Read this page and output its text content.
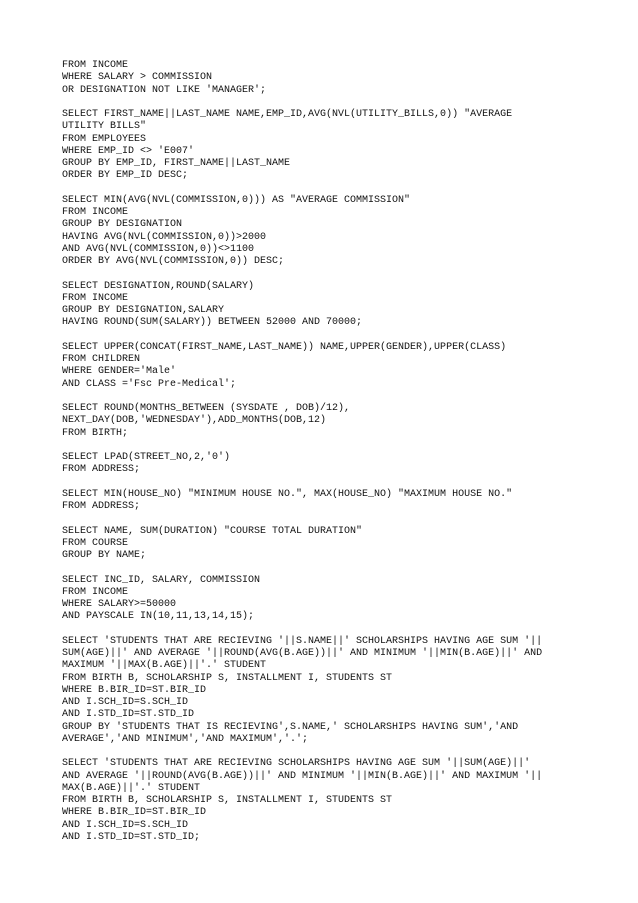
FROM INCOME
WHERE SALARY > COMMISSION
OR DESIGNATION NOT LIKE 'MANAGER';
SELECT FIRST_NAME||LAST_NAME NAME,EMP_ID,AVG(NVL(UTILITY_BILLS,0)) "AVERAGE
UTILITY BILLS"
FROM EMPLOYEES
WHERE EMP_ID <> 'E007'
GROUP BY EMP_ID, FIRST_NAME||LAST_NAME
ORDER BY EMP_ID DESC;
SELECT MIN(AVG(NVL(COMMISSION,0))) AS "AVERAGE COMMISSION"
FROM INCOME
GROUP BY DESIGNATION
HAVING AVG(NVL(COMMISSION,0))>2000
AND AVG(NVL(COMMISSION,0))<>1100
ORDER BY AVG(NVL(COMMISSION,0)) DESC;
SELECT DESIGNATION,ROUND(SALARY)
FROM INCOME
GROUP BY DESIGNATION,SALARY
HAVING ROUND(SUM(SALARY)) BETWEEN 52000 AND 70000;
SELECT UPPER(CONCAT(FIRST_NAME,LAST_NAME)) NAME,UPPER(GENDER),UPPER(CLASS)
FROM CHILDREN
WHERE GENDER='Male'
AND CLASS ='Fsc Pre-Medical';
SELECT ROUND(MONTHS_BETWEEN (SYSDATE , DOB)/12),
NEXT_DAY(DOB,'WEDNESDAY'),ADD_MONTHS(DOB,12)
FROM BIRTH;
SELECT LPAD(STREET_NO,2,'0')
FROM ADDRESS;
SELECT MIN(HOUSE_NO) "MINIMUM HOUSE NO.", MAX(HOUSE_NO) "MAXIMUM HOUSE NO."
FROM ADDRESS;
SELECT NAME, SUM(DURATION) "COURSE TOTAL DURATION"
FROM COURSE
GROUP BY NAME;
SELECT INC_ID, SALARY, COMMISSION
FROM INCOME
WHERE SALARY>=50000
AND PAYSCALE IN(10,11,13,14,15);
SELECT 'STUDENTS THAT ARE RECIEVING '||S.NAME||' SCHOLARSHIPS HAVING AGE SUM '||
SUM(AGE)||' AND AVERAGE '||ROUND(AVG(B.AGE))||' AND MINIMUM '||MIN(B.AGE)||' AND
MAXIMUM '||MAX(B.AGE)||'.' STUDENT
FROM BIRTH B, SCHOLARSHIP S, INSTALLMENT I, STUDENTS ST
WHERE B.BIR_ID=ST.BIR_ID
AND I.SCH_ID=S.SCH_ID
AND I.STD_ID=ST.STD_ID
GROUP BY 'STUDENTS THAT IS RECIEVING',S.NAME,' SCHOLARSHIPS HAVING SUM','AND
AVERAGE','AND MINIMUM','AND MAXIMUM','.';
SELECT 'STUDENTS THAT ARE RECIEVING SCHOLARSHIPS HAVING AGE SUM '||SUM(AGE)||'
AND AVERAGE '||ROUND(AVG(B.AGE))||' AND MINIMUM '||MIN(B.AGE)||' AND MAXIMUM '||
MAX(B.AGE)||'.' STUDENT
FROM BIRTH B, SCHOLARSHIP S, INSTALLMENT I, STUDENTS ST
WHERE B.BIR_ID=ST.BIR_ID
AND I.SCH_ID=S.SCH_ID
AND I.STD_ID=ST.STD_ID;
